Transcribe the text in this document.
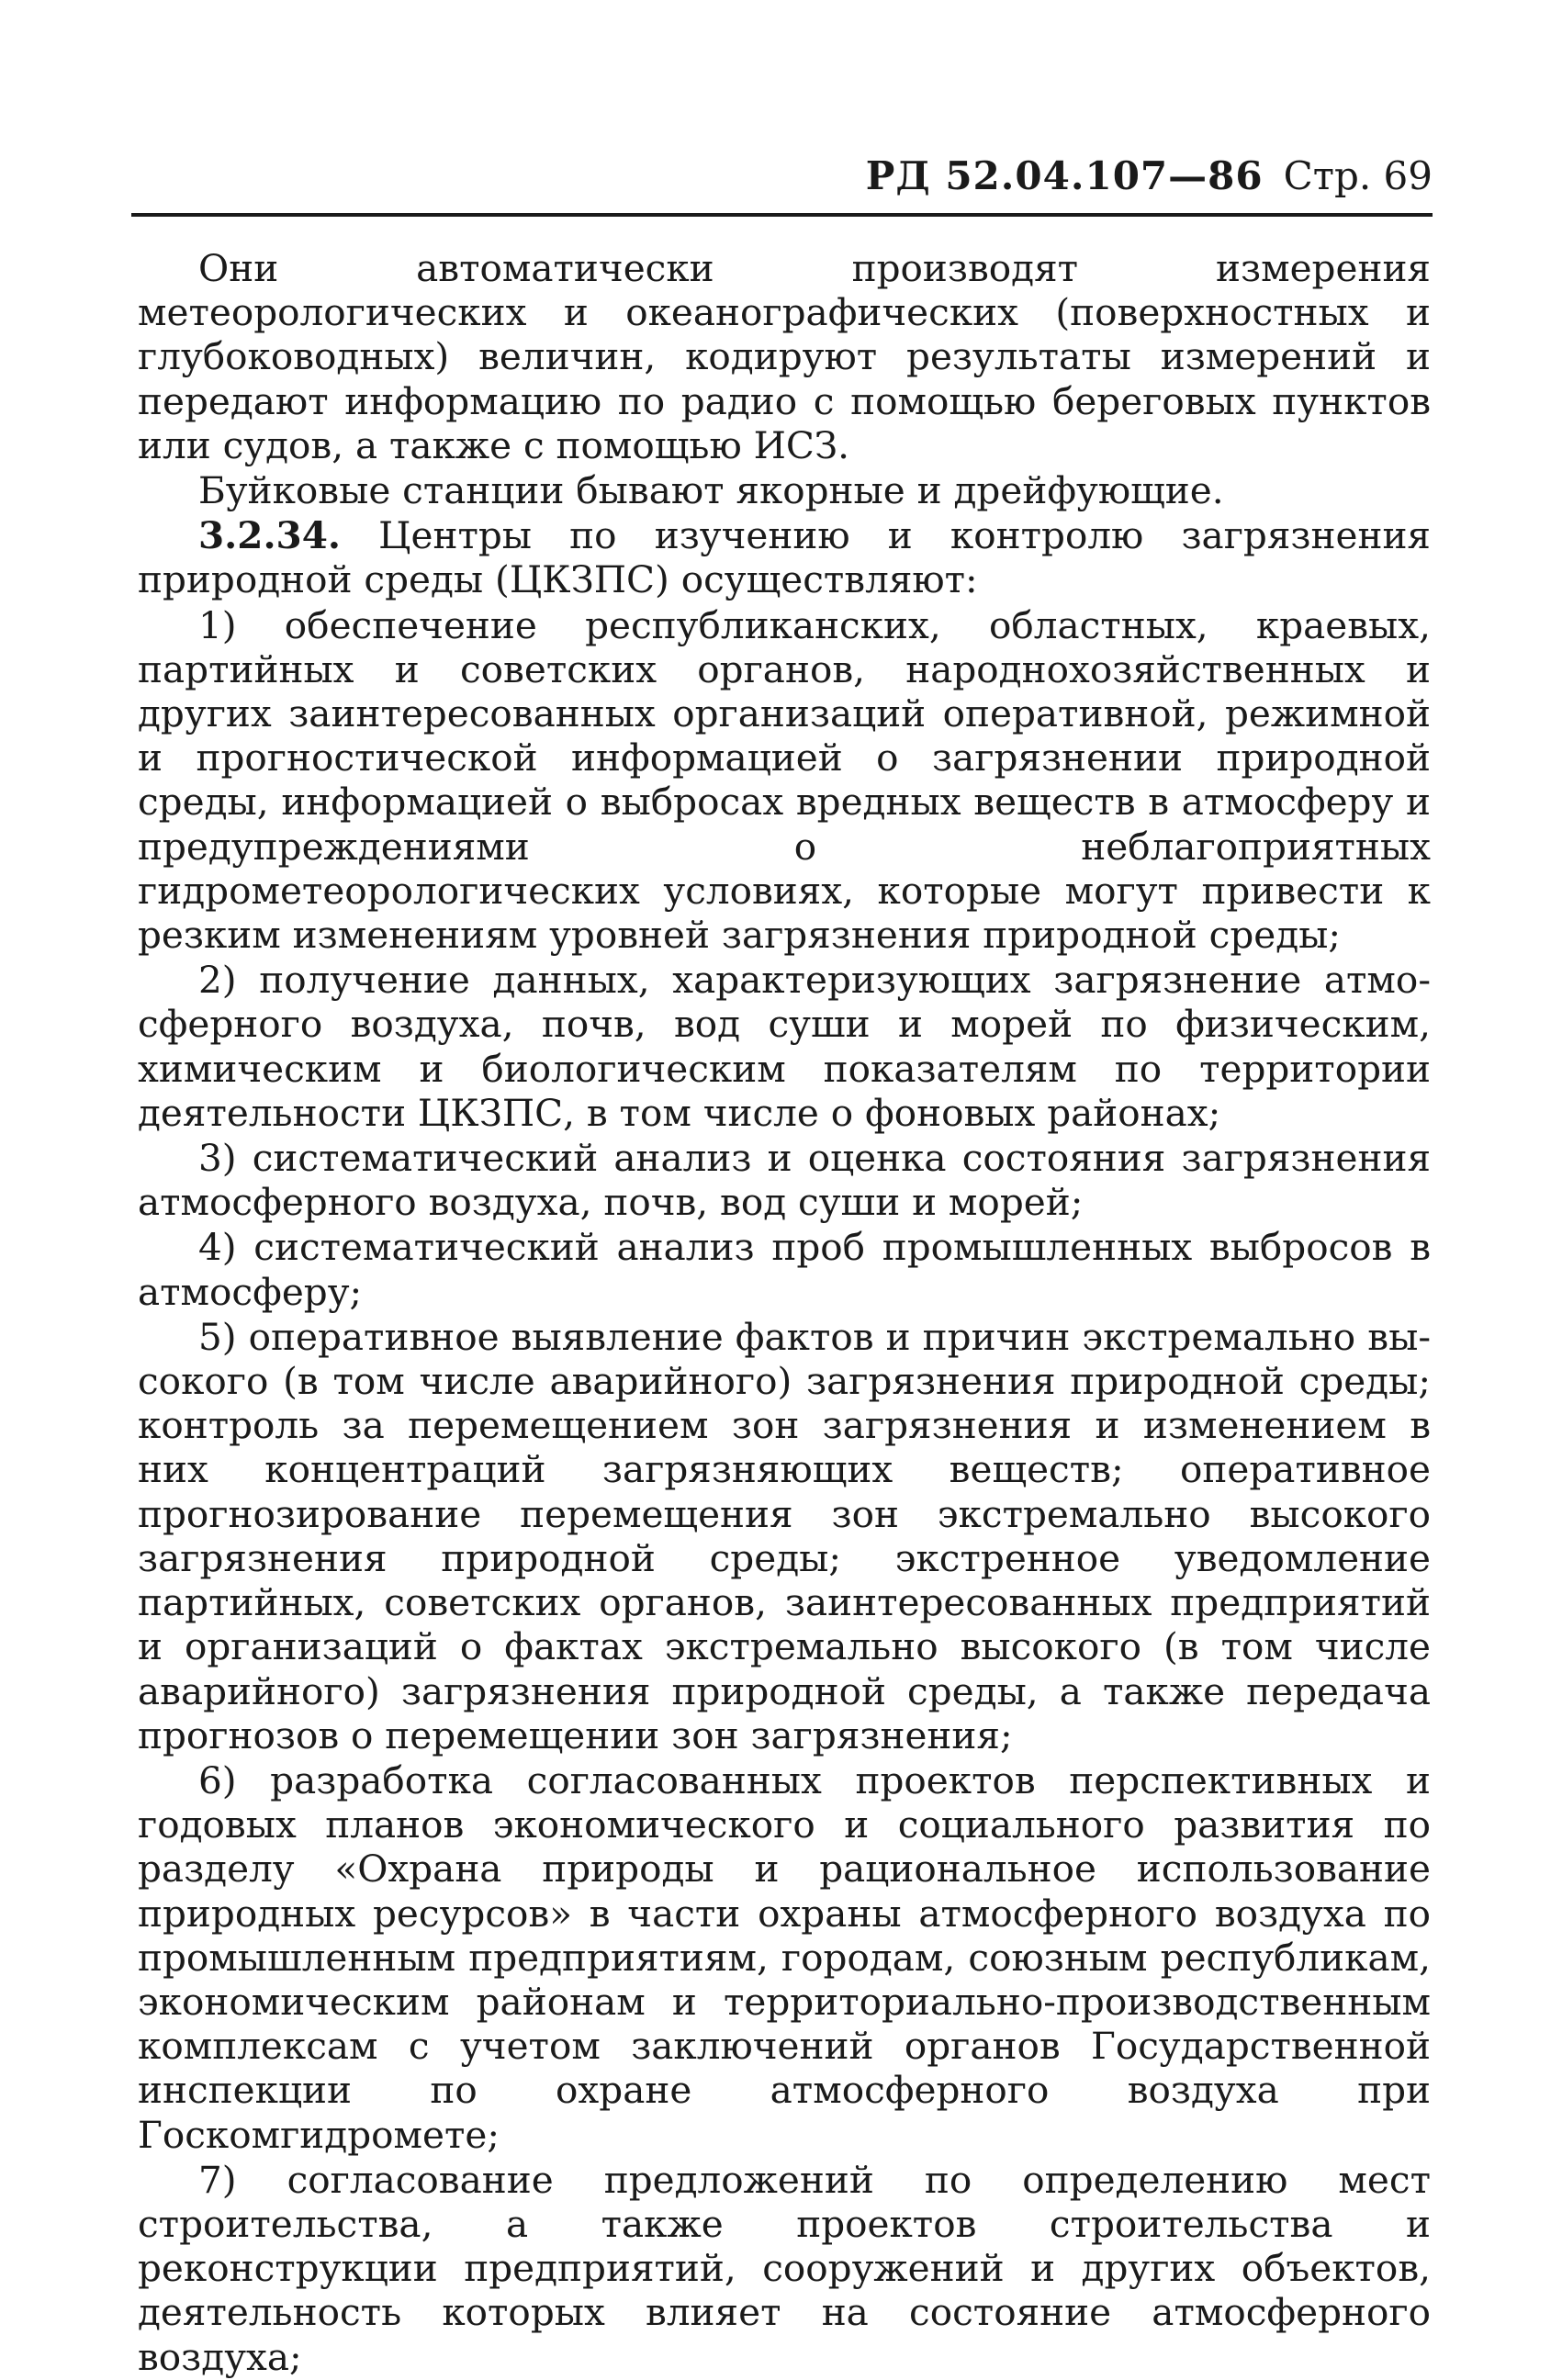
РД 52.04.107—86 Стр. 69

Они автоматически производят измерения метеорологических и океанографических (поверхностных и глубоководных) величин, кодируют результаты измерений и передают информацию по радио с помощью береговых пунктов или судов, а также с помощью ИСЗ.

Буйковые станции бывают якорные и дрейфующие.

3.2.34. Центры по изучению и контролю загрязнения природной среды (ЦКЗПС) осуществляют:

1) обеспечение республиканских, областных, краевых, партийных и советских органов, народнохозяйственных и других заинтересованных организаций оперативной, режимной и прогностической информацией о загрязнении природной среды, информацией о выбросах вредных веществ в атмосферу и предупреждениями о неблагоприятных гидрометеорологических условиях, которые могут привести к резким изменениям уровней загрязнения природной среды;

2) получение данных, характеризующих загрязнение атмосферного воздуха, почв, вод суши и морей по физическим, химическим и биологическим показателям по территории деятельности ЦКЗПС, в том числе о фоновых районах;

3) систематический анализ и оценка состояния загрязнения атмосферного воздуха, почв, вод суши и морей;

4) систематический анализ проб промышленных выбросов в атмосферу;

5) оперативное выявление фактов и причин экстремально высокого (в том числе аварийного) загрязнения природной среды; контроль за перемещением зон загрязнения и изменением в них концентраций загрязняющих веществ; оперативное прогнозирование перемещения зон экстремально высокого загрязнения природной среды; экстренное уведомление партийных, советских органов, заинтересованных предприятий и организаций о фактах экстремально высокого (в том числе аварийного) загрязнения природной среды, а также передача прогнозов о перемещении зон загрязнения;

6) разработка согласованных проектов перспективных и годовых планов экономического и социального развития по разделу «Охрана природы и рациональное использование природных ресурсов» в части охраны атмосферного воздуха по промышленным предприятиям, городам, союзным республикам, экономическим районам и территориально-производственным комплексам с учетом заключений органов Государственной инспекции по охране атмосферного воздуха при Госкомгидромете;

7) согласование предложений по определению мест строительства, а также проектов строительства и реконструкции предприятий, сооружений и других объектов, деятельность которых влияет на состояние атмосферного воздуха;
